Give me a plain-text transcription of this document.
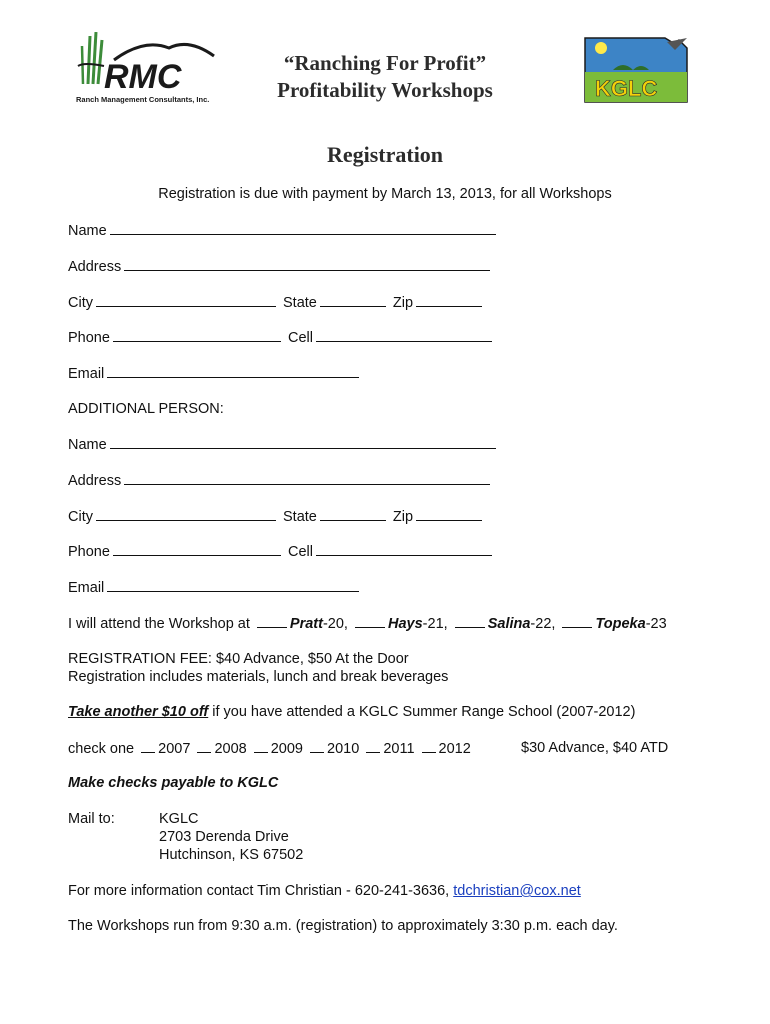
RMC
Ranch Management Consultants, Inc.	KGLC
“Ranching For Profit”
Profitability Workshops
Registration
Registration is due with payment by March 13, 2013, for all Workshops
Name
Address
City	State	Zip
Phone	Cell
Email
ADDITIONAL PERSON:
Name
Address
City	State	Zip
Phone	Cell
Email
I will attend the Workshop at	Pratt-20,	Hays-21,	Salina-22,	Topeka-23
REGISTRATION FEE: $40 Advance, $50 At the Door
Registration includes materials, lunch and break beverages
Take another $10 off if you have attended a KGLC Summer Range School (2007-2012)
check one 2007 2008 2009 2010 2011 2012	$30 Advance, $40 ATD
Make checks payable to KGLC
Mail to:	KGLC
2703 Derenda Drive
Hutchinson, KS 67502
For more information contact Tim Christian - 620-241-3636, tdchristian@cox.net
The Workshops run from 9:30 a.m. (registration) to approximately 3:30 p.m. each day.
